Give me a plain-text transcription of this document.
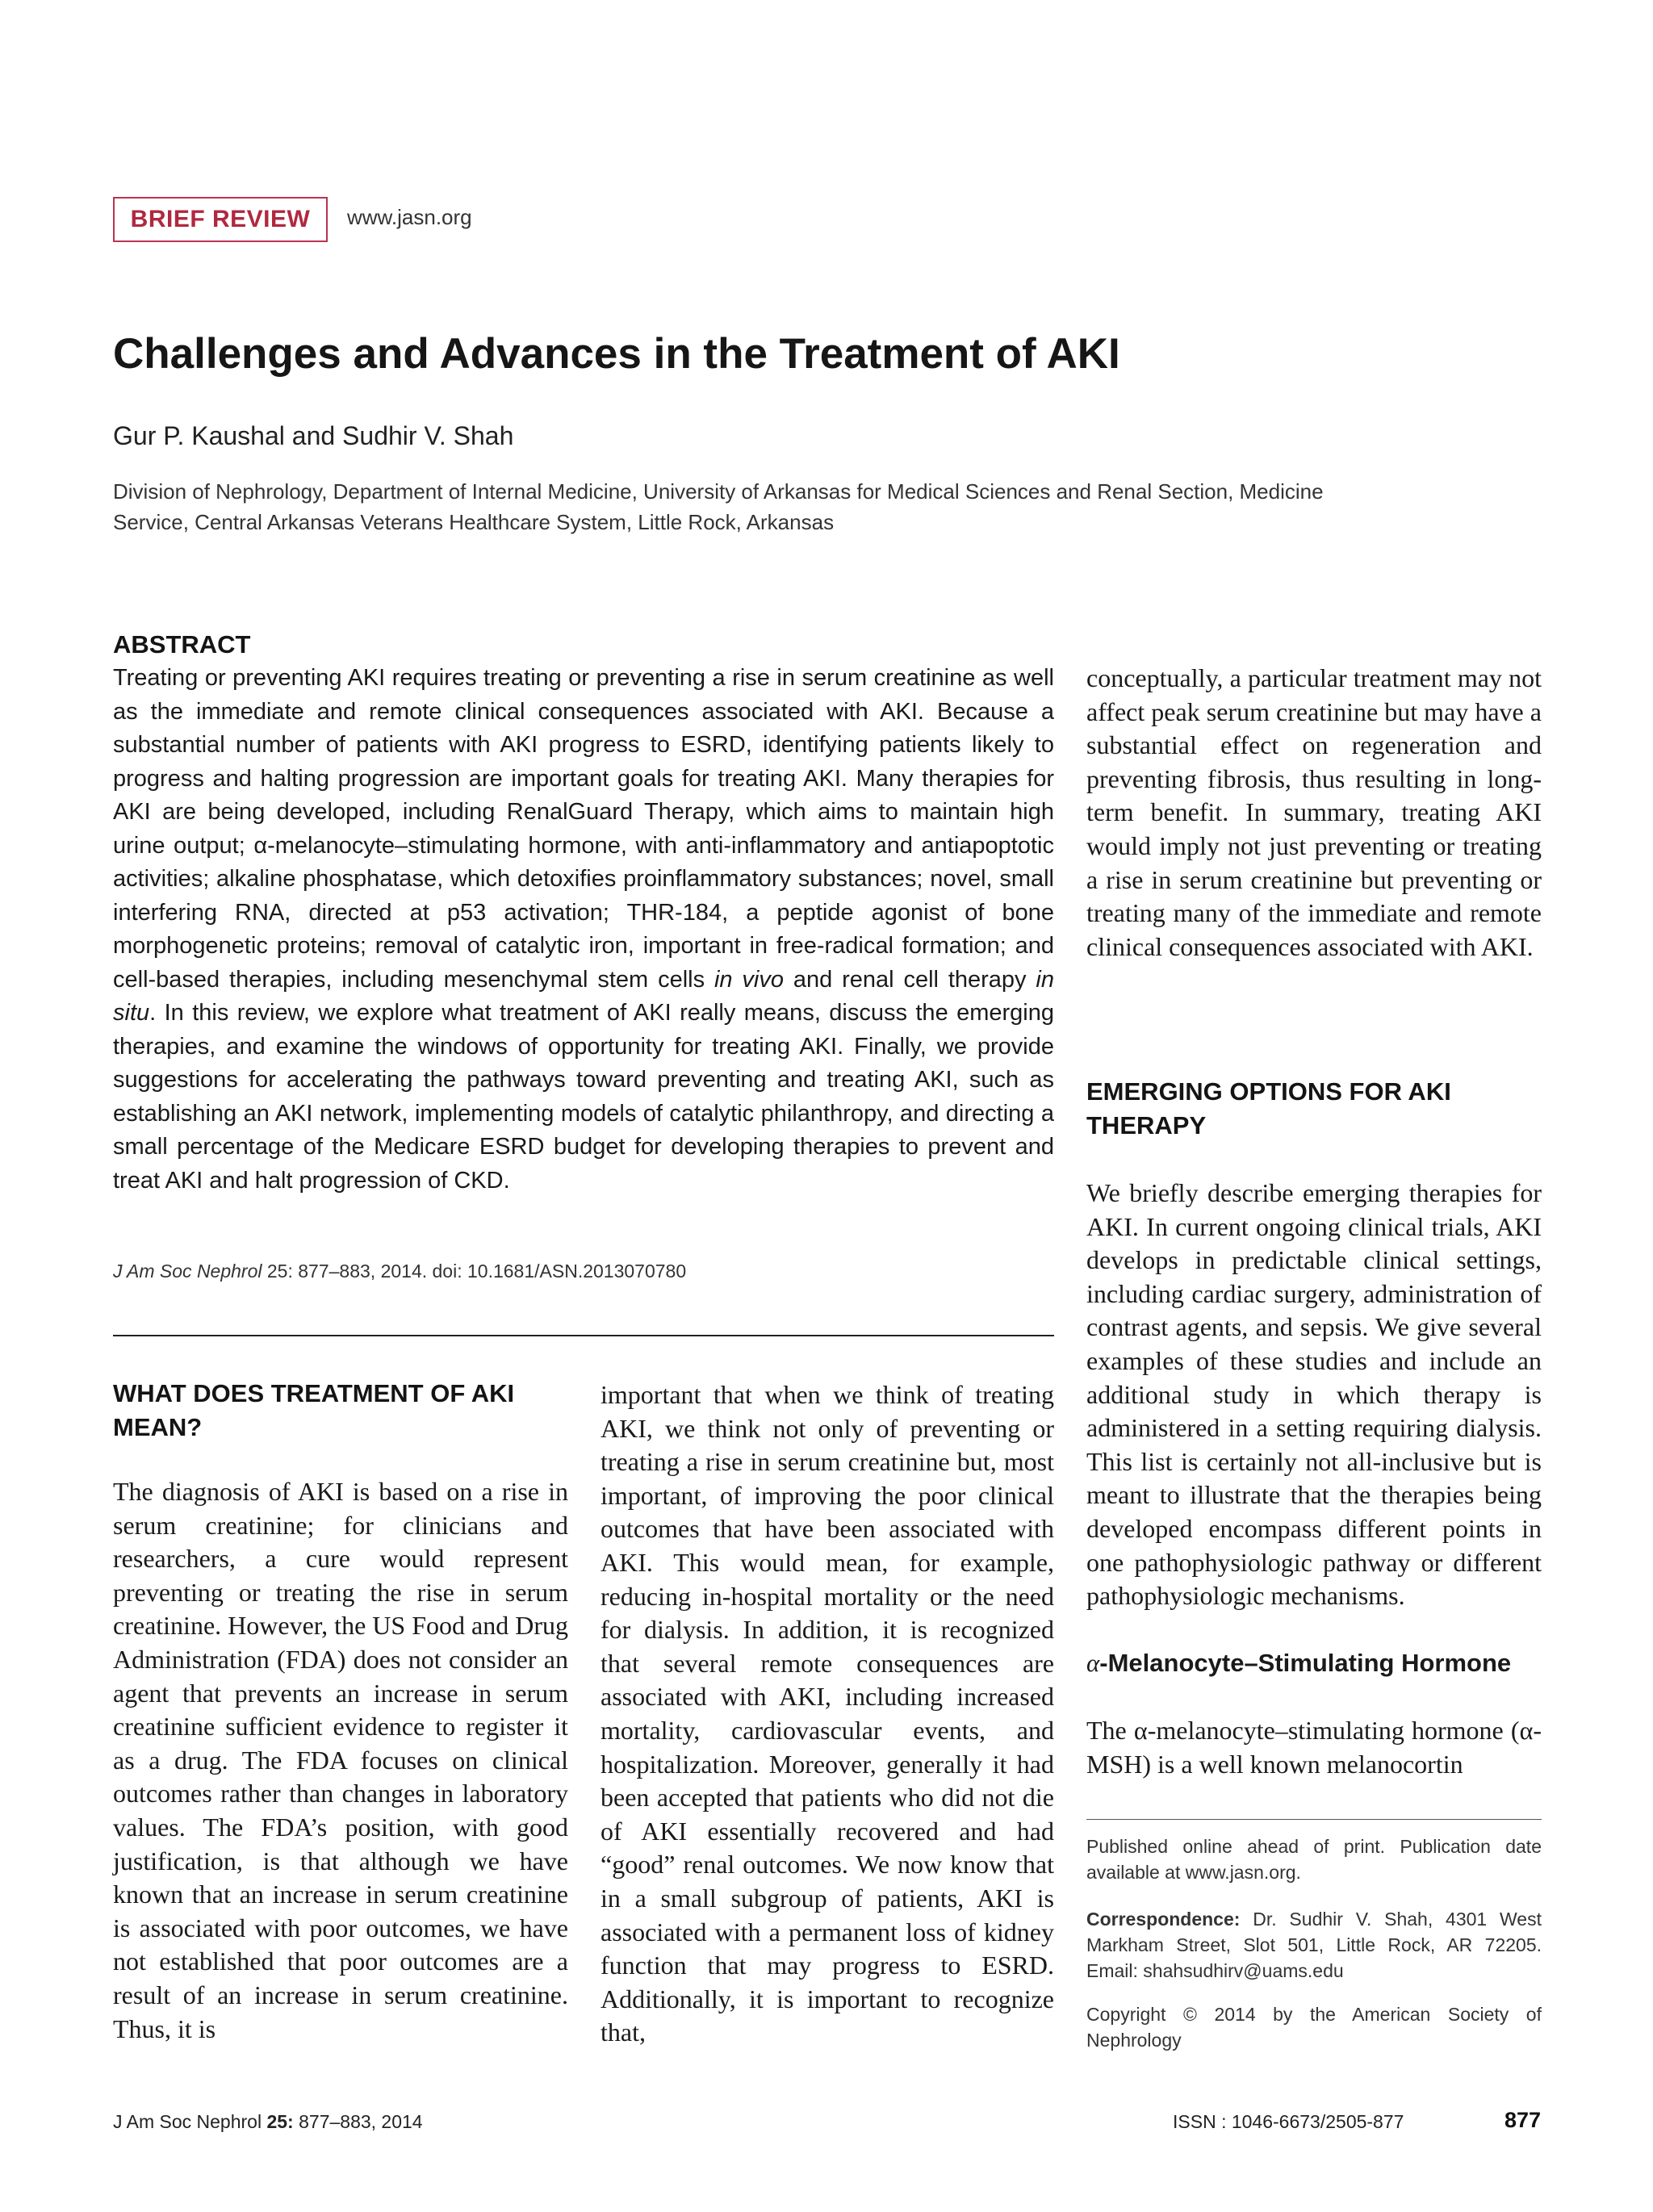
BRIEF REVIEW www.jasn.org
Challenges and Advances in the Treatment of AKI
Gur P. Kaushal and Sudhir V. Shah
Division of Nephrology, Department of Internal Medicine, University of Arkansas for Medical Sciences and Renal Section, Medicine Service, Central Arkansas Veterans Healthcare System, Little Rock, Arkansas
ABSTRACT
Treating or preventing AKI requires treating or preventing a rise in serum creatinine as well as the immediate and remote clinical consequences associated with AKI. Because a substantial number of patients with AKI progress to ESRD, identifying patients likely to progress and halting progression are important goals for treating AKI. Many therapies for AKI are being developed, including RenalGuard Therapy, which aims to maintain high urine output; α-melanocyte–stimulating hormone, with anti-inflammatory and antiapoptotic activities; alkaline phosphatase, which detoxifies proinflammatory substances; novel, small interfering RNA, directed at p53 activation; THR-184, a peptide agonist of bone morphogenetic proteins; removal of catalytic iron, important in free-radical formation; and cell-based therapies, including mesenchymal stem cells in vivo and renal cell therapy in situ. In this review, we explore what treatment of AKI really means, discuss the emerging therapies, and examine the windows of opportunity for treating AKI. Finally, we provide suggestions for accelerating the pathways toward preventing and treating AKI, such as establishing an AKI network, implementing models of catalytic philanthropy, and directing a small percentage of the Medicare ESRD budget for developing therapies to prevent and treat AKI and halt progression of CKD.
J Am Soc Nephrol 25: 877–883, 2014. doi: 10.1681/ASN.2013070780
WHAT DOES TREATMENT OF AKI MEAN?
The diagnosis of AKI is based on a rise in serum creatinine; for clinicians and researchers, a cure would represent preventing or treating the rise in serum creatinine. However, the US Food and Drug Administration (FDA) does not consider an agent that prevents an increase in serum creatinine sufficient evidence to register it as a drug. The FDA focuses on clinical outcomes rather than changes in laboratory values. The FDA’s position, with good justification, is that although we have known that an increase in serum creatinine is associated with poor outcomes, we have not established that poor outcomes are a result of an increase in serum creatinine. Thus, it is
important that when we think of treating AKI, we think not only of preventing or treating a rise in serum creatinine but, most important, of improving the poor clinical outcomes that have been associated with AKI. This would mean, for example, reducing in-hospital mortality or the need for dialysis. In addition, it is recognized that several remote consequences are associated with AKI, including increased mortality, cardiovascular events, and hospitalization. Moreover, generally it had been accepted that patients who did not die of AKI essentially recovered and had “good” renal outcomes. We now know that in a small subgroup of patients, AKI is associated with a permanent loss of kidney function that may progress to ESRD. Additionally, it is important to recognize that,
conceptually, a particular treatment may not affect peak serum creatinine but may have a substantial effect on regeneration and preventing fibrosis, thus resulting in long-term benefit. In summary, treating AKI would imply not just preventing or treating a rise in serum creatinine but preventing or treating many of the immediate and remote clinical consequences associated with AKI.
EMERGING OPTIONS FOR AKI THERAPY
We briefly describe emerging therapies for AKI. In current ongoing clinical trials, AKI develops in predictable clinical settings, including cardiac surgery, administration of contrast agents, and sepsis. We give several examples of these studies and include an additional study in which therapy is administered in a setting requiring dialysis. This list is certainly not all-inclusive but is meant to illustrate that the therapies being developed encompass different points in one pathophysiologic pathway or different pathophysiologic mechanisms.
α-Melanocyte–Stimulating Hormone
The α-melanocyte–stimulating hormone (α-MSH) is a well known melanocortin
Published online ahead of print. Publication date available at www.jasn.org.
Correspondence: Dr. Sudhir V. Shah, 4301 West Markham Street, Slot 501, Little Rock, AR 72205. Email: shahsudhirv@uams.edu
Copyright © 2014 by the American Society of Nephrology
J Am Soc Nephrol 25: 877–883, 2014	ISSN : 1046-6673/2505-877	877
